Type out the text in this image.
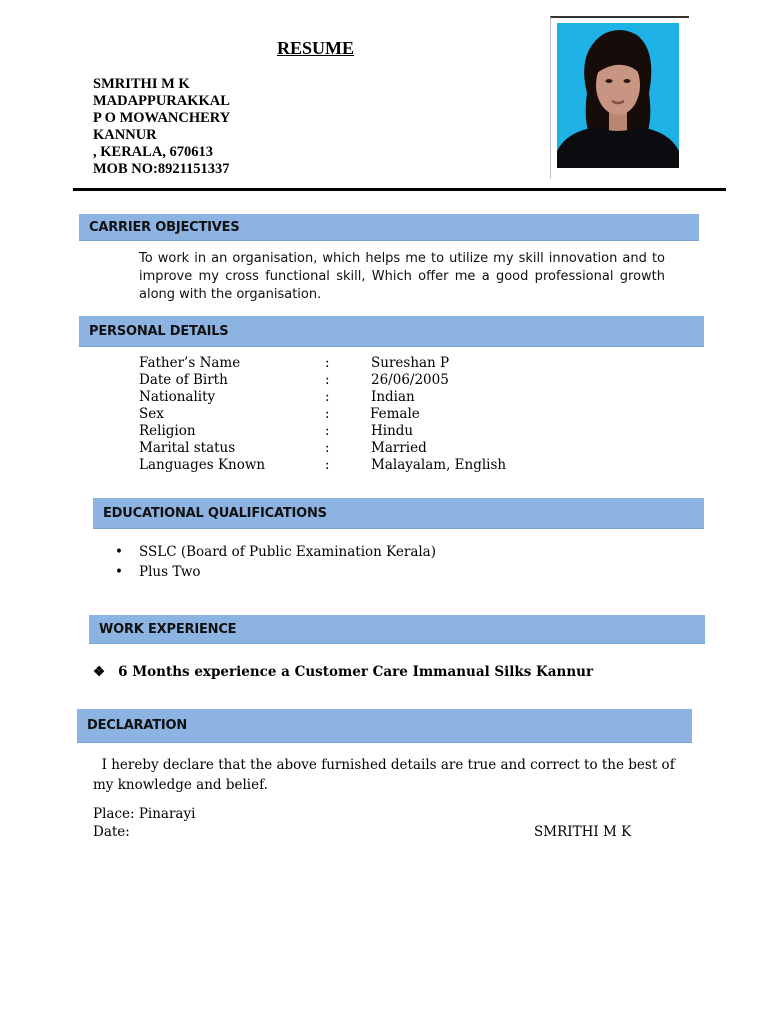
RESUME
SMRITHI M K
MADAPPURAKKAL
P O MOWANCHERY
KANNUR
, KERALA, 670613
MOB NO:8921151337
CARRIER OBJECTIVES
To work in an organisation, which helps me to utilize my skill innovation and to improve my cross functional skill, Which offer me a good professional growth along with the organisation.
PERSONAL DETAILS
Father’s Name	:	Sureshan P
Date of Birth	:	26/06/2005
Nationality	:	Indian
Sex	:	Female
Religion	:	Hindu
Marital status	:	Married
Languages Known	:	Malayalam, English
EDUCATIONAL QUALIFICATIONS
• SSLC (Board of Public Examination Kerala)
• Plus Two
WORK EXPERIENCE
❖ 6 Months experience a Customer Care Immanual Silks Kannur
DECLARATION
I hereby declare that the above furnished details are true and correct to the best of my knowledge and belief.
Place: Pinarayi
Date:	SMRITHI M K
